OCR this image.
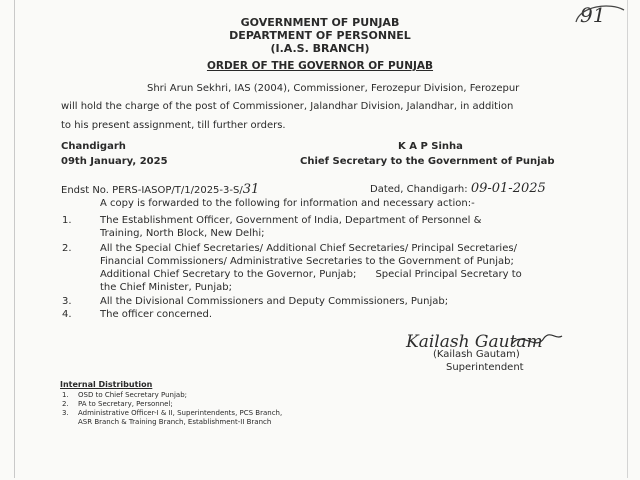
91
GOVERNMENT OF PUNJAB
DEPARTMENT OF PERSONNEL
(I.A.S. BRANCH)
ORDER OF THE GOVERNOR OF PUNJAB
Shri Arun Sekhri, IAS (2004), Commissioner, Ferozepur Division, Ferozepur
will hold the charge of the post of Commissioner, Jalandhar Division, Jalandhar, in addition
to his present assignment, till further orders.
Chandigarh
09th January, 2025
K A P Sinha
Chief Secretary to the Government of Punjab
Endst No. PERS-IASOP/T/1/2025-3-S/31	Dated, Chandigarh: 09-01-2025
A copy is forwarded to the following for information and necessary action:-
1.	The Establishment Officer, Government of India, Department of Personnel &
Training, North Block, New Delhi;
2.	All the Special Chief Secretaries/ Additional Chief Secretaries/ Principal Secretaries/
Financial Commissioners/ Administrative Secretaries to the Government of Punjab;
Additional Chief Secretary to the Governor, Punjab;      Special Principal Secretary to
the Chief Minister, Punjab;
3.	All the Divisional Commissioners and Deputy Commissioners, Punjab;
4.	The officer concerned.
Kailash Gautam
(Kailash Gautam)
Superintendent
Internal Distribution
1. OSD to Chief Secretary Punjab;
2. PA to Secretary, Personnel;
3. Administrative Officer-I & II, Superintendents, PCS Branch,
ASR Branch & Training Branch, Establishment-II Branch
